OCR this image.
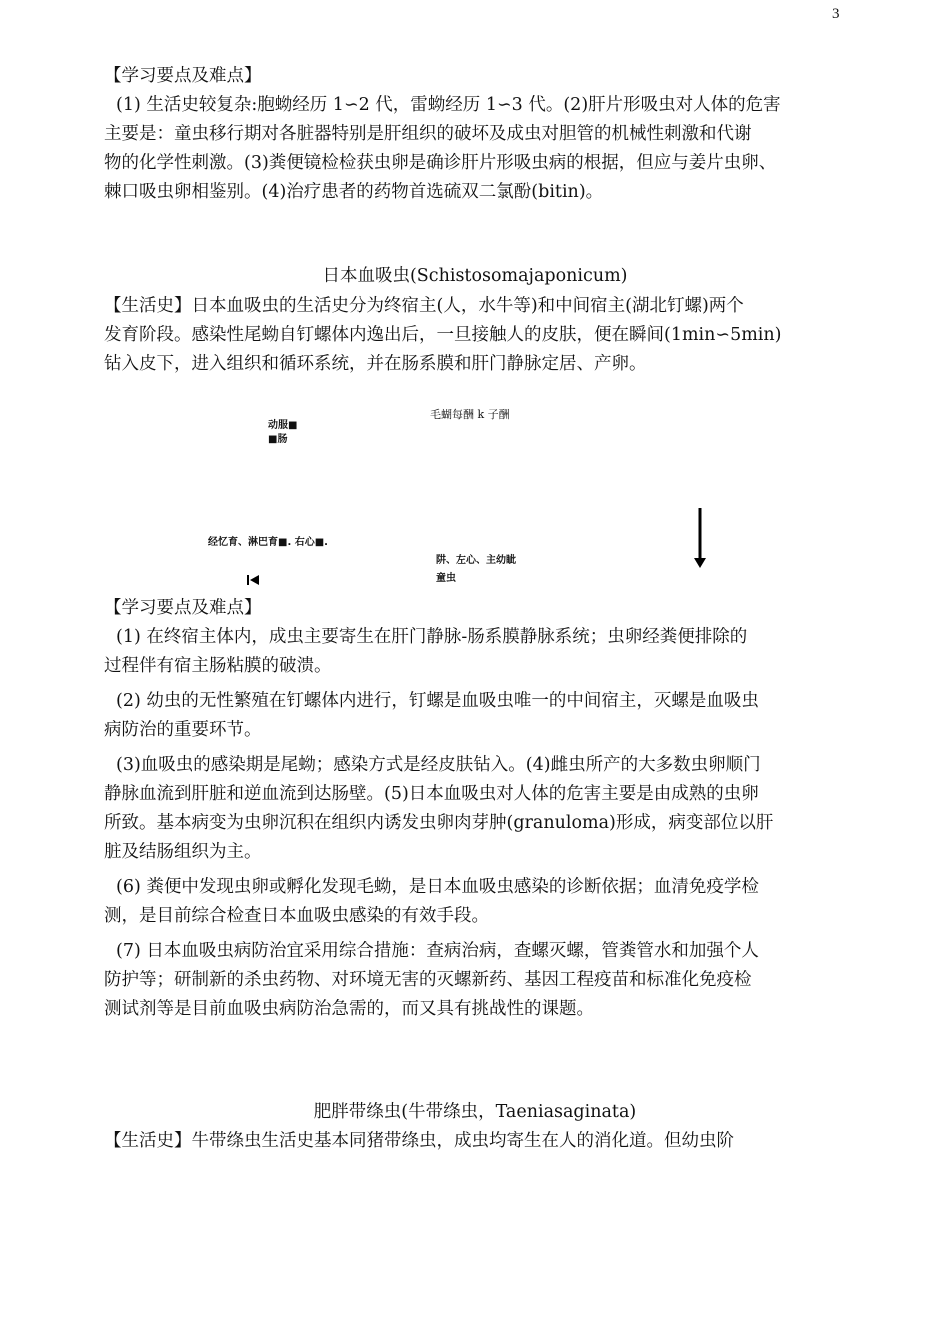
3
【学习要点及难点】
(1) 生活史较复杂:胞蚴经历 1∽2 代，雷蚴经历 1∽3 代。(2)肝片形吸虫对人体的危害
主要是：童虫移行期对各脏器特别是肝组织的破坏及成虫对胆管的机械性刺激和代谢
物的化学性刺激。(3)粪便镜检检获虫卵是确诊肝片形吸虫病的根据，但应与姜片虫卵、
棘口吸虫卵相鉴别。(4)治疗患者的药物首选硫双二氯酚(bitin)。
日本血吸虫(Schistosomajaponicum)
【生活史】日本血吸虫的生活史分为终宿主(人，水牛等)和中间宿主(湖北钉螺)两个
发育阶段。感染性尾蚴自钉螺体内逸出后，一旦接触人的皮肤，便在瞬间(1min∽5min)
钻入皮下，进入组织和循环系统，并在肠系膜和肝门静脉定居、产卵。
毛蝴每酬 k 子酬
动服■
■肠
经忆育、淋巴育■. 右心■.
阱、左心、主幼眦
童虫
【学习要点及难点】
(1) 在终宿主体内，成虫主要寄生在肝门静脉-肠系膜静脉系统；虫卵经粪便排除的
过程伴有宿主肠粘膜的破溃。
(2) 幼虫的无性繁殖在钉螺体内进行，钉螺是血吸虫唯一的中间宿主，灭螺是血吸虫
病防治的重要环节。
(3)血吸虫的感染期是尾蚴；感染方式是经皮肤钻入。(4)雌虫所产的大多数虫卵顺门
静脉血流到肝脏和逆血流到达肠壁。(5)日本血吸虫对人体的危害主要是由成熟的虫卵
所致。基本病变为虫卵沉积在组织内诱发虫卵肉芽肿(granuloma)形成，病变部位以肝
脏及结肠组织为主。
(6) 粪便中发现虫卵或孵化发现毛蚴，是日本血吸虫感染的诊断依据；血清免疫学检
测，是目前综合检查日本血吸虫感染的有效手段。
(7) 日本血吸虫病防治宜采用综合措施：查病治病，查螺灭螺，管粪管水和加强个人
防护等；研制新的杀虫药物、对环境无害的灭螺新药、基因工程疫苗和标准化免疫检
测试剂等是目前血吸虫病防治急需的，而又具有挑战性的课题。
肥胖带绦虫(牛带绦虫，Taeniasaginata)
【生活史】牛带绦虫生活史基本同猪带绦虫，成虫均寄生在人的消化道。但幼虫阶
